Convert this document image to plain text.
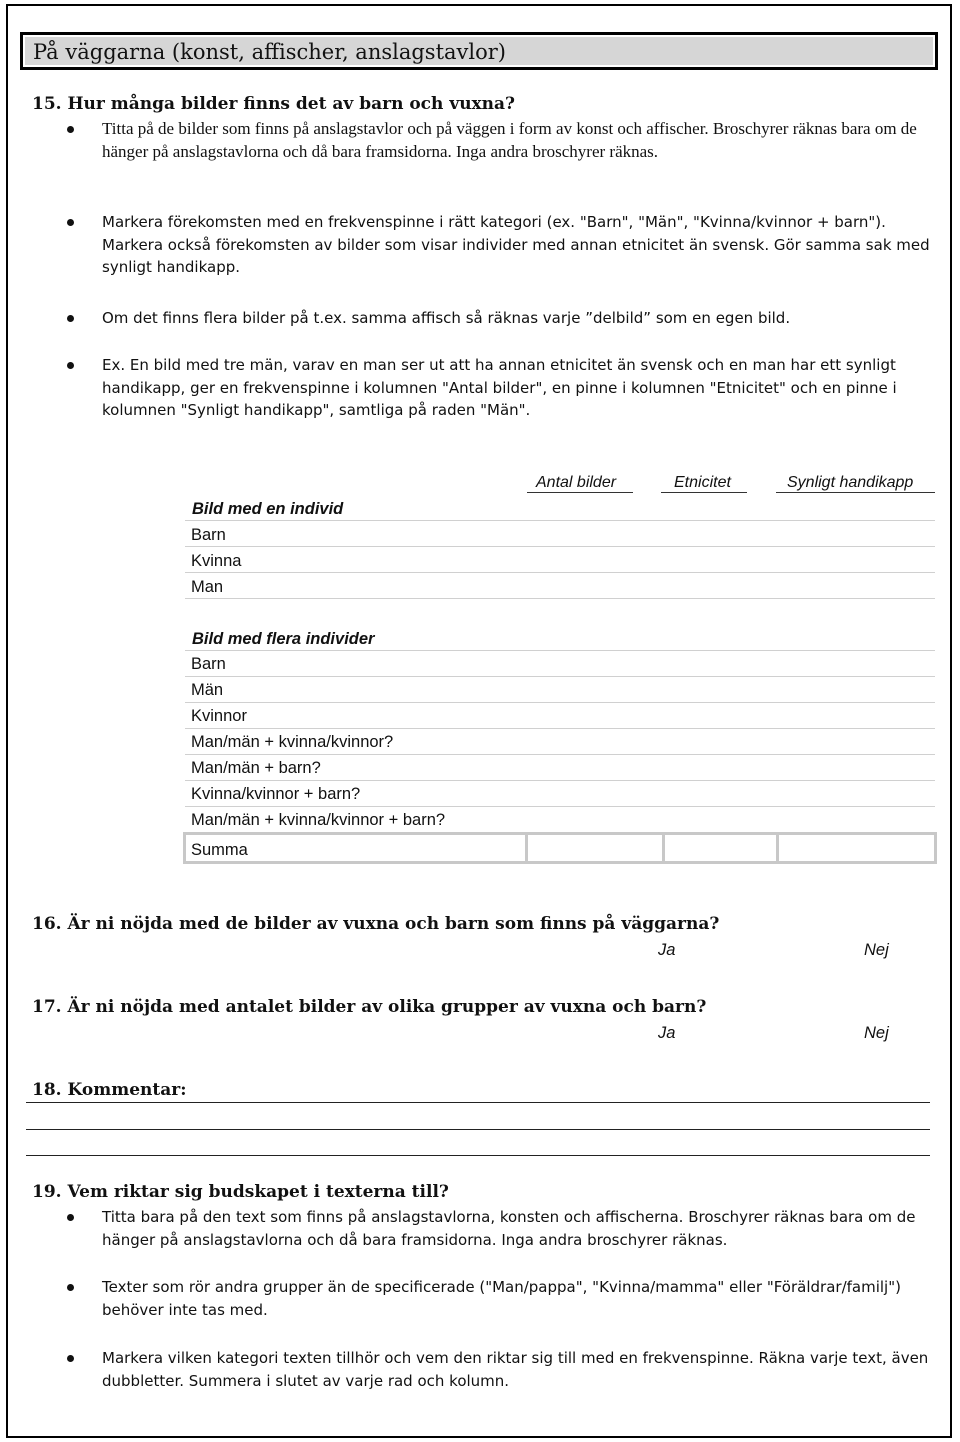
På väggarna (konst, affischer, anslagstavlor)
15. Hur många bilder finns det av barn och vuxna?
Titta på de bilder som finns på anslagstavlor och på väggen i form av konst och affischer. Broschyrer räknas bara om de hänger på anslagstavlorna och då bara framsidorna. Inga andra broschyrer räknas.
Markera förekomsten med en frekvenspinne i rätt kategori (ex. "Barn", "Män", "Kvinna/kvinnor + barn"). Markera också förekomsten av bilder som visar individer med annan etnicitet än svensk. Gör samma sak med synligt handikapp.
Om det finns flera bilder på t.ex. samma affisch så räknas varje ”delbild” som en egen bild.
Ex. En bild med tre män, varav en man ser ut att ha annan etnicitet än svensk och en man har ett synligt handikapp, ger en frekvenspinne i kolumnen "Antal bilder", en pinne i kolumnen "Etnicitet" och en pinne i kolumnen "Synligt handikapp", samtliga på raden "Män".
Antal bilder	Etnicitet	Synligt handikapp
Bild med en individ
Barn
Kvinna
Man
Bild med flera individer
Barn
Män
Kvinnor
Man/män + kvinna/kvinnor?
Man/män + barn?
Kvinna/kvinnor + barn?
Man/män + kvinna/kvinnor + barn?
Summa
16. Är ni nöjda med de bilder av vuxna och barn som finns på väggarna?
Ja	Nej
17. Är ni nöjda med antalet bilder av olika grupper av vuxna och barn?
Ja	Nej
18. Kommentar:
19. Vem riktar sig budskapet i texterna till?
Titta bara på den text som finns på anslagstavlorna, konsten och affischerna. Broschyrer räknas bara om de hänger på anslagstavlorna och då bara framsidorna. Inga andra broschyrer räknas.
Texter som rör andra grupper än de specificerade ("Man/pappa", "Kvinna/mamma" eller "Föräldrar/familj") behöver inte tas med.
Markera vilken kategori texten tillhör och vem den riktar sig till med en frekvenspinne. Räkna varje text, även dubbletter. Summera i slutet av varje rad och kolumn.
